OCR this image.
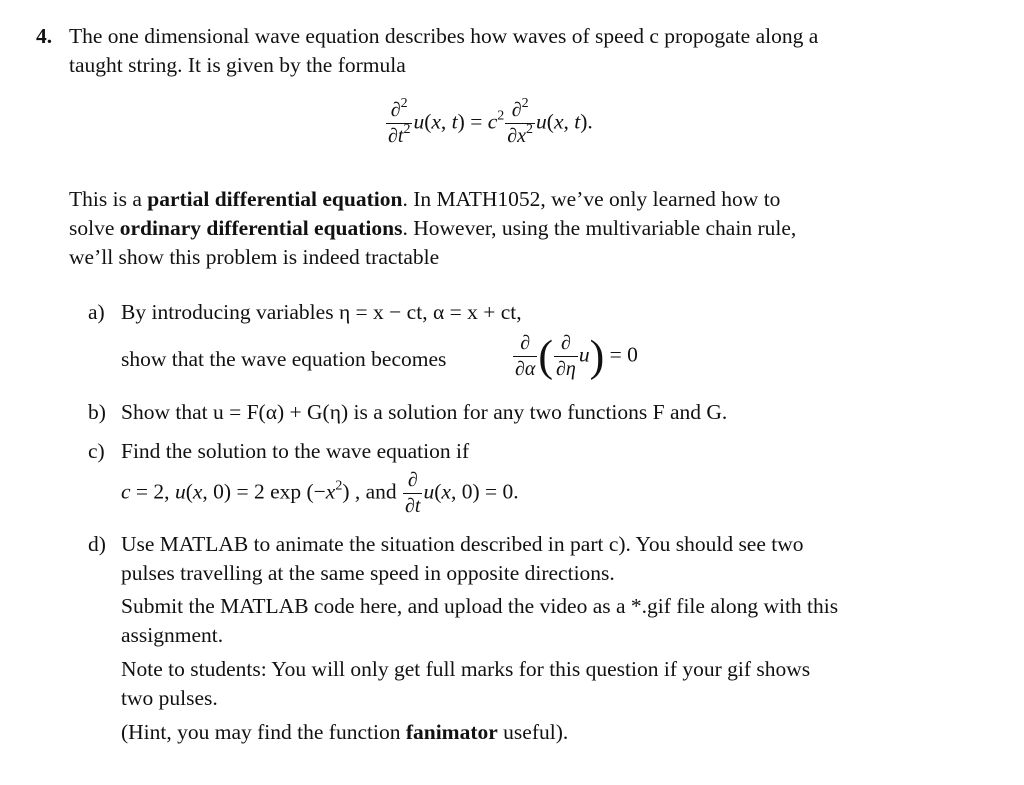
4. The one dimensional wave equation describes how waves of speed c propogate along a
taught string. It is given by the formula
$\frac{\partial^2}{\partial t^2} u(x$, $t) = c^2 \frac{\partial^2}{\partial x^2} u(x$, t).
This is a partial differential equation. In MATH1052, we’ve only learned how to
solve ordinary differential equations. However, using the multivariable chain rule,
we’ll show this problem is indeed tractable
a) By introducing variables η = x − ct, α = x + ct,
show that the wave equation becomes	$\frac{\partial}{\partial\alpha}$ ( $\frac{\partial}{\partial\eta} u) = 0$
b) Show that u = F(α) + G(η) is a solution for any two functions F and G.
c) Find the solution to the wave equation if
c = 2, u(x, 0) = 2 $\exp (-x^2)$ , and $\frac{\partial}{\partial t} u(x$, 0) = 0.
d) Use MATLAB to animate the situation described in part c). You should see two
pulses travelling at the same speed in opposite directions.
Submit the MATLAB code here, and upload the video as a *.gif file along with this
assignment.
Note to students: You will only get full marks for this question if your gif shows
two pulses.
(Hint, you may find the function fanimator useful).
